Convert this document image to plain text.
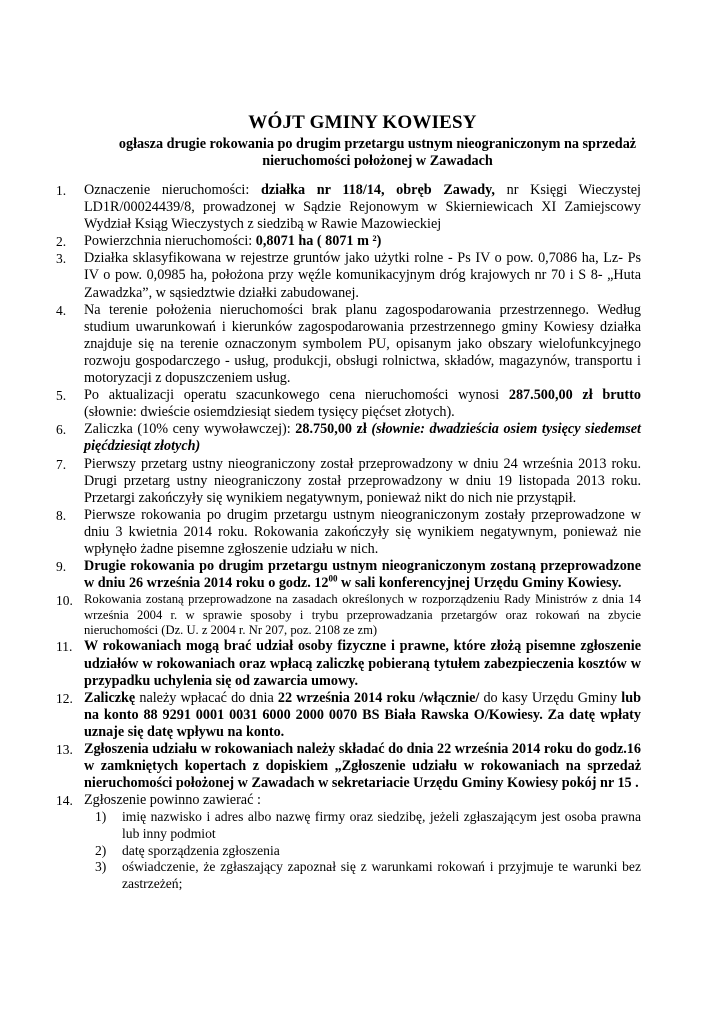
WÓJT GMINY KOWIESY
ogłasza drugie rokowania po drugim przetargu ustnym nieograniczonym na sprzedaż nieruchomości położonej w Zawadach
1.	Oznaczenie nieruchomości: działka nr 118/14, obręb Zawady, nr Księgi Wieczystej LD1R/00024439/8, prowadzonej w Sądzie Rejonowym w Skierniewicach XI Zamiejscowy Wydział Ksiąg Wieczystych z siedzibą w Rawie Mazowieckiej
2.	Powierzchnia nieruchomości: 0,8071 ha ( 8071 m ²)
3.	Działka sklasyfikowana w rejestrze gruntów jako użytki rolne - Ps IV o pow. 0,7086 ha, Lz- Ps IV o pow. 0,0985 ha, położona przy węźle komunikacyjnym dróg krajowych nr 70 i S 8- „Huta Zawadzka”, w sąsiedztwie działki zabudowanej.
4.	Na terenie położenia nieruchomości brak planu zagospodarowania przestrzennego. Według studium uwarunkowań i kierunków zagospodarowania przestrzennego gminy Kowiesy działka znajduje się na terenie oznaczonym symbolem PU, opisanym jako obszary wielofunkcyjnego rozwoju gospodarczego - usług, produkcji, obsługi rolnictwa, składów, magazynów, transportu i motoryzacji z dopuszczeniem usług.
5.	Po aktualizacji operatu szacunkowego cena nieruchomości wynosi 287.500,00 zł brutto (słownie: dwieście osiemdziesiąt siedem tysięcy pięćset złotych).
6.	Zaliczka (10% ceny wywoławczej): 28.750,00 zł (słownie: dwadzieścia osiem tysięcy siedemset pięćdziesiąt złotych)
7.	Pierwszy przetarg ustny nieograniczony został przeprowadzony w dniu 24 września 2013 roku. Drugi przetarg ustny nieograniczony został przeprowadzony w dniu 19 listopada 2013 roku. Przetargi zakończyły się wynikiem negatywnym, ponieważ nikt do nich nie przystąpił.
8.	Pierwsze rokowania po drugim przetargu ustnym nieograniczonym zostały przeprowadzone w dniu 3 kwietnia 2014 roku. Rokowania zakończyły się wynikiem negatywnym, ponieważ nie wpłynęło żadne pisemne zgłoszenie udziału w nich.
9.	Drugie rokowania po drugim przetargu ustnym nieograniczonym zostaną przeprowadzone w dniu 26 września 2014 roku o godz. $12^{00}$ w sali konferencyjnej Urzędu Gminy Kowiesy.
10. Rokowania zostaną przeprowadzone na zasadach określonych w rozporządzeniu Rady Ministrów z dnia 14 września 2004 r. w sprawie sposoby i trybu przeprowadzania przetargów oraz rokowań na zbycie nieruchomości (Dz. U. z 2004 r. Nr 207, poz. 2108 ze zm)
11. W rokowaniach mogą brać udział osoby fizyczne i prawne, które złożą pisemne zgłoszenie udziałów w rokowaniach oraz wpłacą zaliczkę pobieraną tytułem zabezpieczenia kosztów w przypadku uchylenia się od zawarcia umowy.
12. Zaliczkę należy wpłacać do dnia 22 września 2014 roku /włącznie/ do kasy Urzędu Gminy lub na konto 88 9291 0001 0031 6000 2000 0070 BS Biała Rawska O/Kowiesy. Za datę wpłaty uznaje się datę wpływu na konto.
13. Zgłoszenia udziału w rokowaniach należy składać do dnia 22 września 2014 roku do godz.16 w zamkniętych kopertach z dopiskiem „Zgłoszenie udziału w rokowaniach na sprzedaż nieruchomości położonej w Zawadach w sekretariacie Urzędu Gminy Kowiesy pokój nr 15 .
14. Zgłoszenie powinno zawierać :
1) imię nazwisko i adres albo nazwę firmy oraz siedzibę, jeżeli zgłaszającym jest osoba prawna lub inny podmiot
2) datę sporządzenia zgłoszenia
3) oświadczenie, że zgłaszający zapoznał się z warunkami rokowań i przyjmuje te warunki bez zastrzeżeń;
